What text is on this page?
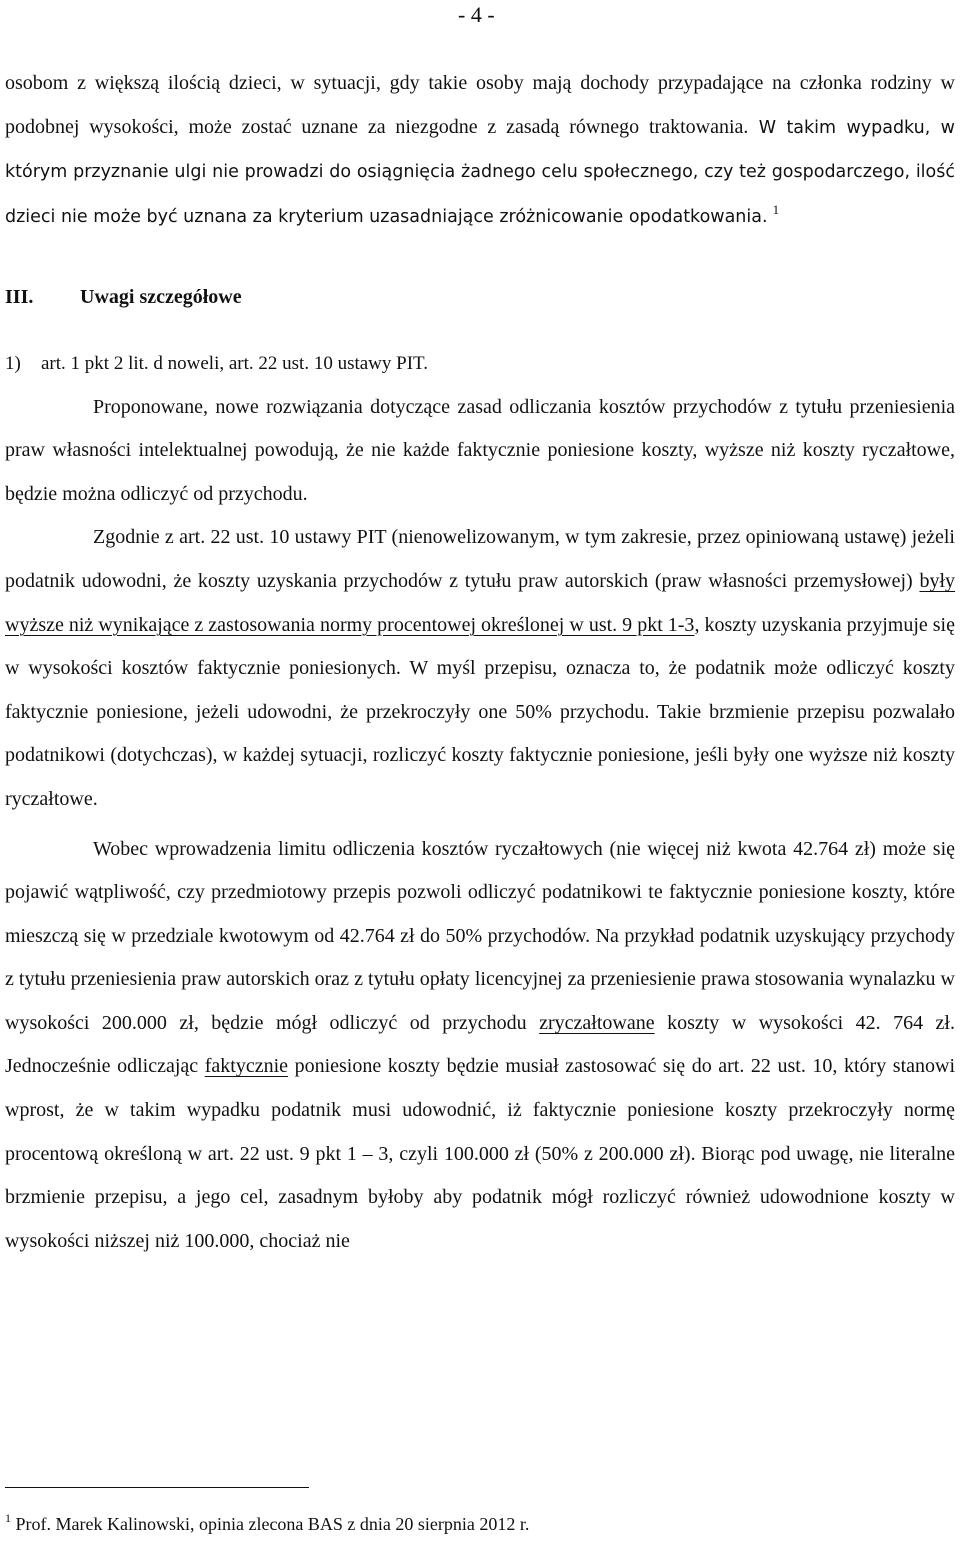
- 4 -

osobom z większą ilością dzieci, w sytuacji, gdy takie osoby mają dochody przypadające na członka rodziny w podobnej wysokości, może zostać uznane za niezgodne z zasadą równego traktowania. W takim wypadku, w którym przyznanie ulgi nie prowadzi do osiągnięcia żadnego celu społecznego, czy też gospodarczego, ilość dzieci nie może być uznana za kryterium uzasadniające zróżnicowanie opodatkowania. $^1$

III. Uwagi szczegółowe

1) art. 1 pkt 2 lit. d noweli, art. 22 ust. 10 ustawy PIT.

Proponowane, nowe rozwiązania dotyczące zasad odliczania kosztów przychodów z tytułu przeniesienia praw własności intelektualnej powodują, że nie każde faktycznie poniesione koszty, wyższe niż koszty ryczałtowe, będzie można odliczyć od przychodu.

Zgodnie z art. 22 ust. 10 ustawy PIT (nienowelizowanym, w tym zakresie, przez opiniowaną ustawę) jeżeli podatnik udowodni, że koszty uzyskania przychodów z tytułu praw autorskich (praw własności przemysłowej) były wyższe niż wynikające z zastosowania normy procentowej określonej w ust. 9 pkt 1-3, koszty uzyskania przyjmuje się w wysokości kosztów faktycznie poniesionych. W myśl przepisu, oznacza to, że podatnik może odliczyć koszty faktycznie poniesione, jeżeli udowodni, że przekroczyły one 50% przychodu. Takie brzmienie przepisu pozwalało podatnikowi (dotychczas), w każdej sytuacji, rozliczyć koszty faktycznie poniesione, jeśli były one wyższe niż koszty ryczałtowe.

Wobec wprowadzenia limitu odliczenia kosztów ryczałtowych (nie więcej niż kwota 42.764 zł) może się pojawić wątpliwość, czy przedmiotowy przepis pozwoli odliczyć podatnikowi te faktycznie poniesione koszty, które mieszczą się w przedziale kwotowym od 42.764 zł do 50% przychodów. Na przykład podatnik uzyskujący przychody z tytułu przeniesienia praw autorskich oraz z tytułu opłaty licencyjnej za przeniesienie prawa stosowania wynalazku w wysokości 200.000 zł, będzie mógł odliczyć od przychodu zryczałtowane koszty w wysokości 42. 764 zł. Jednocześnie odliczając faktycznie poniesione koszty będzie musiał zastosować się do art. 22 ust. 10, który stanowi wprost, że w takim wypadku podatnik musi udowodnić, iż faktycznie poniesione koszty przekroczyły normę procentową określoną w art. 22 ust. 9 pkt 1 – 3, czyli 100.000 zł (50% z 200.000 zł). Biorąc pod uwagę, nie literalne brzmienie przepisu, a jego cel, zasadnym byłoby aby podatnik mógł rozliczyć również udowodnione koszty w wysokości niższej niż 100.000, chociaż nie

$^1$ Prof. Marek Kalinowski, opinia zlecona BAS z dnia 20 sierpnia 2012 r.
